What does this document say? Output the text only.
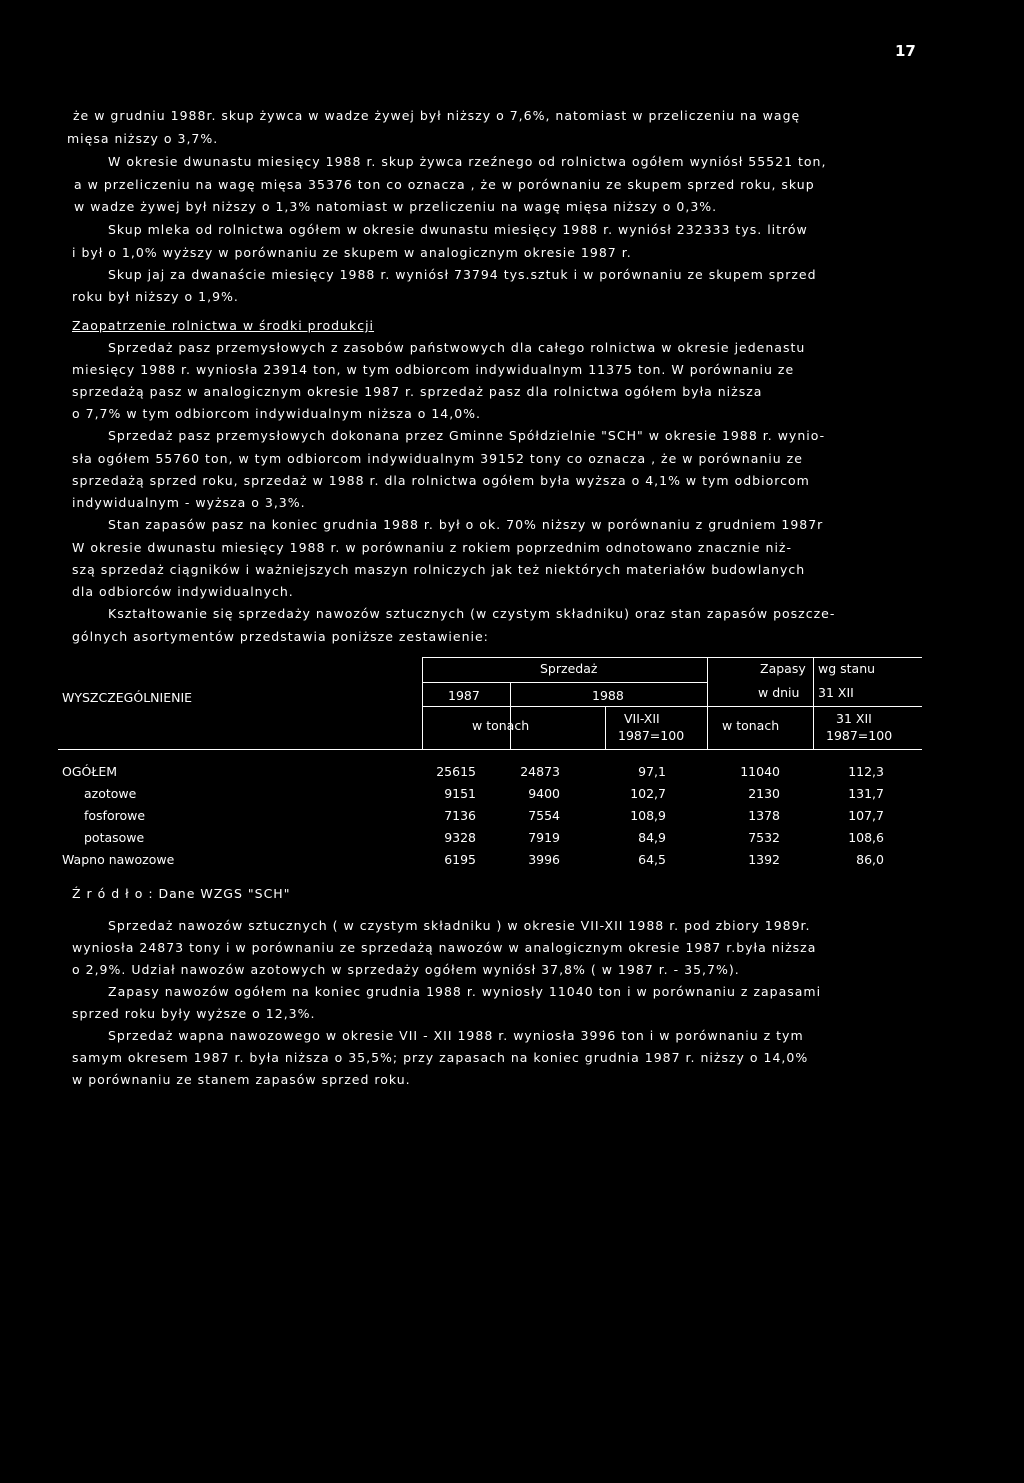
17
że w grudniu 1988r. skup żywca w wadze żywej był niższy o 7,6%, natomiast w przeliczeniu na wagę
mięsa niższy o 3,7%.
W okresie dwunastu miesięcy 1988 r. skup żywca rzeźnego od rolnictwa ogółem wyniósł 55521 ton,
a w przeliczeniu na wagę mięsa 35376 ton co oznacza , że w porównaniu ze skupem sprzed roku, skup
w wadze żywej był niższy o 1,3% natomiast w przeliczeniu na wagę mięsa niższy o 0,3%.
Skup mleka od rolnictwa ogółem w okresie dwunastu miesięcy 1988 r. wyniósł 232333 tys. litrów
i był o 1,0% wyższy w porównaniu ze skupem w analogicznym okresie 1987 r.
Skup jaj za dwanaście miesięcy 1988 r. wyniósł 73794 tys.sztuk i w porównaniu ze skupem sprzed
roku był niższy o 1,9%.
Zaopatrzenie rolnictwa w środki produkcji
Sprzedaż pasz przemysłowych z zasobów państwowych dla całego rolnictwa w okresie jedenastu
miesięcy 1988 r. wyniosła 23914 ton, w tym odbiorcom indywidualnym 11375 ton. W porównaniu ze
sprzedażą pasz w analogicznym okresie 1987 r. sprzedaż pasz dla rolnictwa ogółem była niższa
o 7,7% w tym odbiorcom indywidualnym niższa o 14,0%.
Sprzedaż pasz przemysłowych dokonana przez Gminne Spółdzielnie "SCH" w okresie 1988 r. wynio-
sła ogółem 55760 ton, w tym odbiorcom indywidualnym 39152 tony co oznacza , że w porównaniu ze
sprzedażą sprzed roku, sprzedaż w 1988 r. dla rolnictwa ogółem była wyższa o 4,1% w tym odbiorcom
indywidualnym - wyższa o 3,3%.
Stan zapasów pasz na koniec grudnia 1988 r. był o ok. 70% niższy w porównaniu z grudniem 1987r
W okresie dwunastu miesięcy 1988 r. w porównaniu z rokiem poprzednim odnotowano znacznie niż-
szą sprzedaż ciągników i ważniejszych maszyn rolniczych jak też niektórych materiałów budowlanych
dla odbiorców indywidualnych.
Kształtowanie się sprzedaży nawozów sztucznych (w czystym składniku) oraz stan zapasów poszcze-
gólnych asortymentów przedstawia poniższe zestawienie:
WYSZCZEGÓLNIENIE
Sprzedaż	Zapasy wg stanu
w dniu 31 XII
1987	1988
w tonach	VII-XII
1987=100
w tonach	31 XII
1987=100
OGÓŁEM	25615	24873	97,1	11040	112,3
azotowe	9151	9400	102,7	2130	131,7
fosforowe	7136	7554	108,9	1378	107,7
potasowe	9328	7919	84,9	7532	108,6
Wapno nawozowe	6195	3996	64,5	1392	86,0
Ź r ó d ł o : Dane WZGS "SCH"
Sprzedaż nawozów sztucznych ( w czystym składniku ) w okresie VII-XII 1988 r. pod zbiory 1989r.
wyniosła 24873 tony i w porównaniu ze sprzedażą nawozów w analogicznym okresie 1987 r.była niższa
o 2,9%. Udział nawozów azotowych w sprzedaży ogółem wyniósł 37,8% ( w 1987 r. - 35,7%).
Zapasy nawozów ogółem na koniec grudnia 1988 r. wyniosły 11040 ton i w porównaniu z zapasami
sprzed roku były wyższe o 12,3%.
Sprzedaż wapna nawozowego w okresie VII - XII 1988 r. wyniosła 3996 ton i w porównaniu z tym
samym okresem 1987 r. była niższa o 35,5%; przy zapasach na koniec grudnia 1987 r. niższy o 14,0%
w porównaniu ze stanem zapasów sprzed roku.
